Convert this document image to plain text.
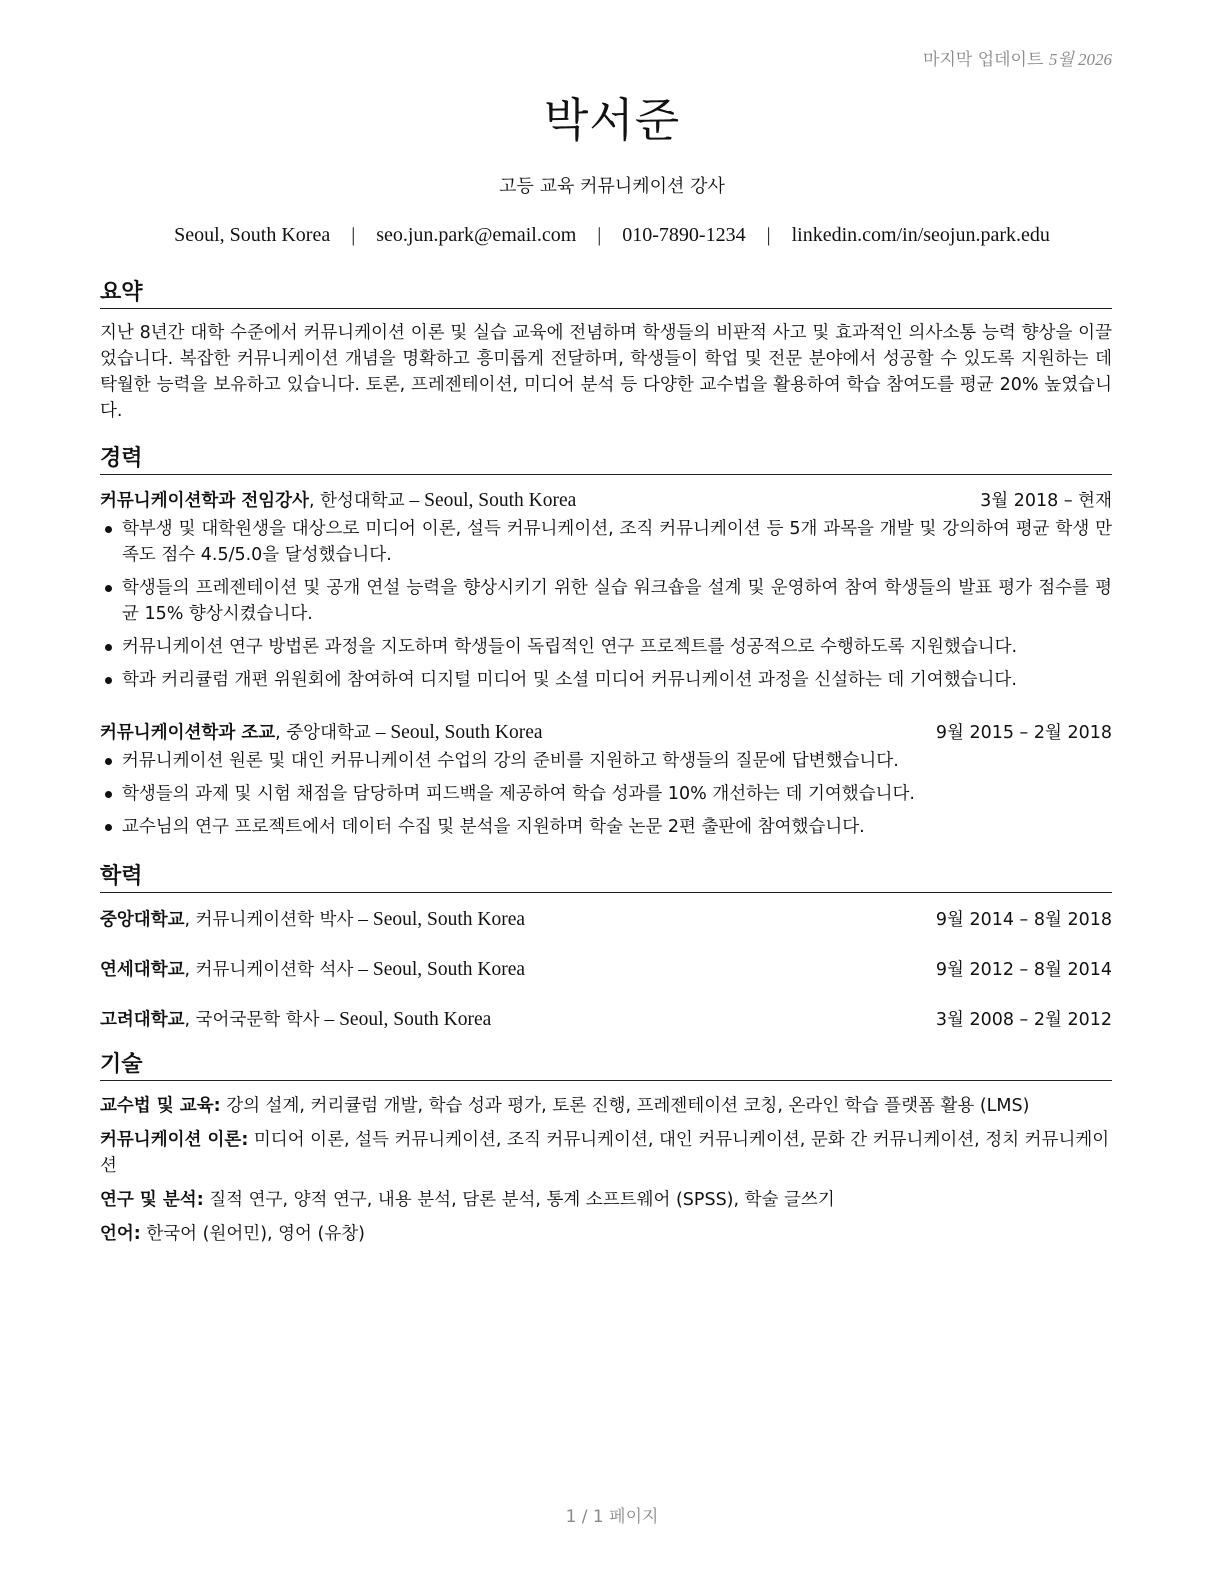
마지막 업데이트 5월 2026
박서준
고등 교육 커뮤니케이션 강사
Seoul, South Korea | seo.jun.park@email.com | 010-7890-1234 | linkedin.com/in/seojun.park.edu
요약
지난 8년간 대학 수준에서 커뮤니케이션 이론 및 실습 교육에 전념하며 학생들의 비판적 사고 및 효과적인 의사소통 능력 향상을 이끌었습니다. 복잡한 커뮤니케이션 개념을 명확하고 흥미롭게 전달하며, 학생들이 학업 및 전문 분야에서 성공할 수 있도록 지원하는 데 탁월한 능력을 보유하고 있습니다. 토론, 프레젠테이션, 미디어 분석 등 다양한 교수법을 활용하여 학습 참여도를 평균 20% 높였습니다.
경력
커뮤니케이션학과 전임강사, 한성대학교 – Seoul, South Korea	3월 2018 – 현재
학부생 및 대학원생을 대상으로 미디어 이론, 설득 커뮤니케이션, 조직 커뮤니케이션 등 5개 과목을 개발 및 강의하여 평균 학생 만족도 점수 4.5/5.0을 달성했습니다.
학생들의 프레젠테이션 및 공개 연설 능력을 향상시키기 위한 실습 워크숍을 설계 및 운영하여 참여 학생들의 발표 평가 점수를 평균 15% 향상시켰습니다.
커뮤니케이션 연구 방법론 과정을 지도하며 학생들이 독립적인 연구 프로젝트를 성공적으로 수행하도록 지원했습니다.
학과 커리큘럼 개편 위원회에 참여하여 디지털 미디어 및 소셜 미디어 커뮤니케이션 과정을 신설하는 데 기여했습니다.
커뮤니케이션학과 조교, 중앙대학교 – Seoul, South Korea	9월 2015 – 2월 2018
커뮤니케이션 원론 및 대인 커뮤니케이션 수업의 강의 준비를 지원하고 학생들의 질문에 답변했습니다.
학생들의 과제 및 시험 채점을 담당하며 피드백을 제공하여 학습 성과를 10% 개선하는 데 기여했습니다.
교수님의 연구 프로젝트에서 데이터 수집 및 분석을 지원하며 학술 논문 2편 출판에 참여했습니다.
학력
중앙대학교, 커뮤니케이션학 박사 – Seoul, South Korea	9월 2014 – 8월 2018
연세대학교, 커뮤니케이션학 석사 – Seoul, South Korea	9월 2012 – 8월 2014
고려대학교, 국어국문학 학사 – Seoul, South Korea	3월 2008 – 2월 2012
기술
교수법 및 교육: 강의 설계, 커리큘럼 개발, 학습 성과 평가, 토론 진행, 프레젠테이션 코칭, 온라인 학습 플랫폼 활용 (LMS)
커뮤니케이션 이론: 미디어 이론, 설득 커뮤니케이션, 조직 커뮤니케이션, 대인 커뮤니케이션, 문화 간 커뮤니케이션, 정치 커뮤니케이션
연구 및 분석: 질적 연구, 양적 연구, 내용 분석, 담론 분석, 통계 소프트웨어 (SPSS), 학술 글쓰기
언어: 한국어 (원어민), 영어 (유창)
1 / 1 페이지
